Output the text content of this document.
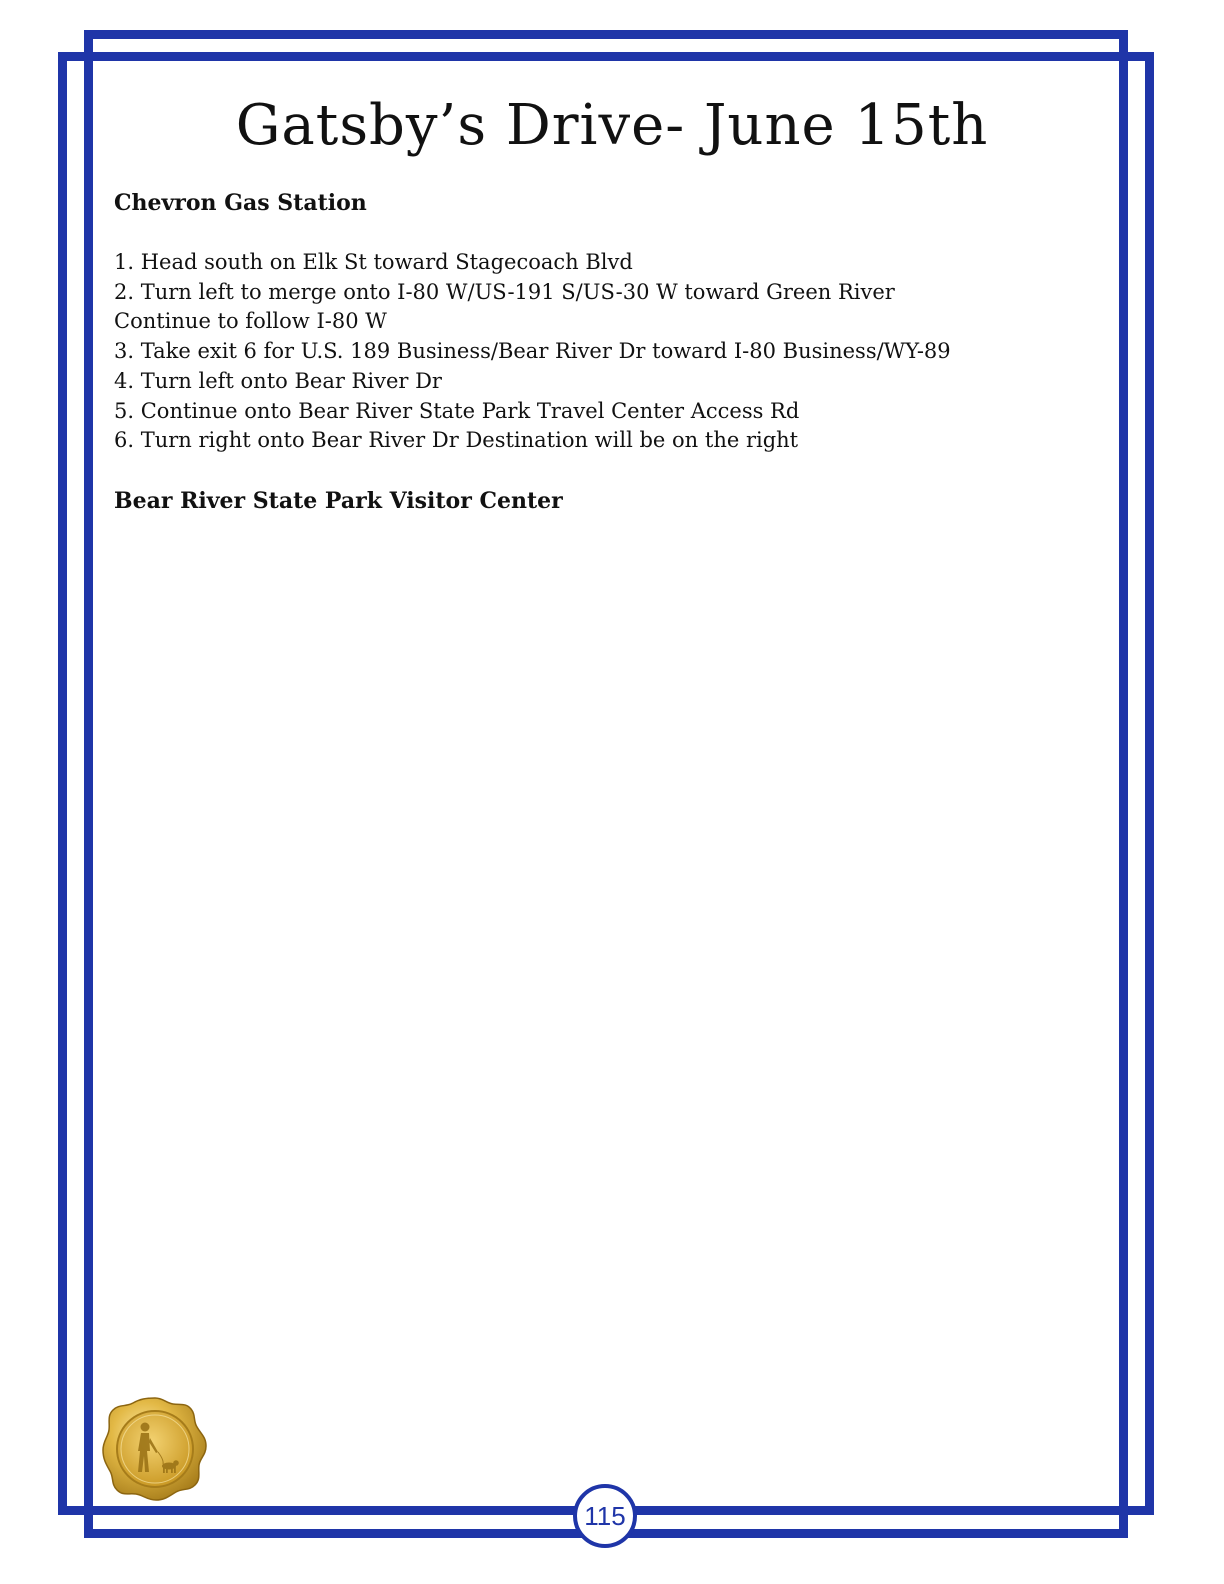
Gatsby’s Drive- June 15th

Chevron Gas Station

1. Head south on Elk St toward Stagecoach Blvd
2. Turn left to merge onto I-80 W/US-191 S/US-30 W toward Green River
Continue to follow I-80 W
3. Take exit 6 for U.S. 189 Business/Bear River Dr toward I-80 Business/WY-89
4. Turn left onto Bear River Dr
5. Continue onto Bear River State Park Travel Center Access Rd
6. Turn right onto Bear River Dr Destination will be on the right

Bear River State Park Visitor Center

115
